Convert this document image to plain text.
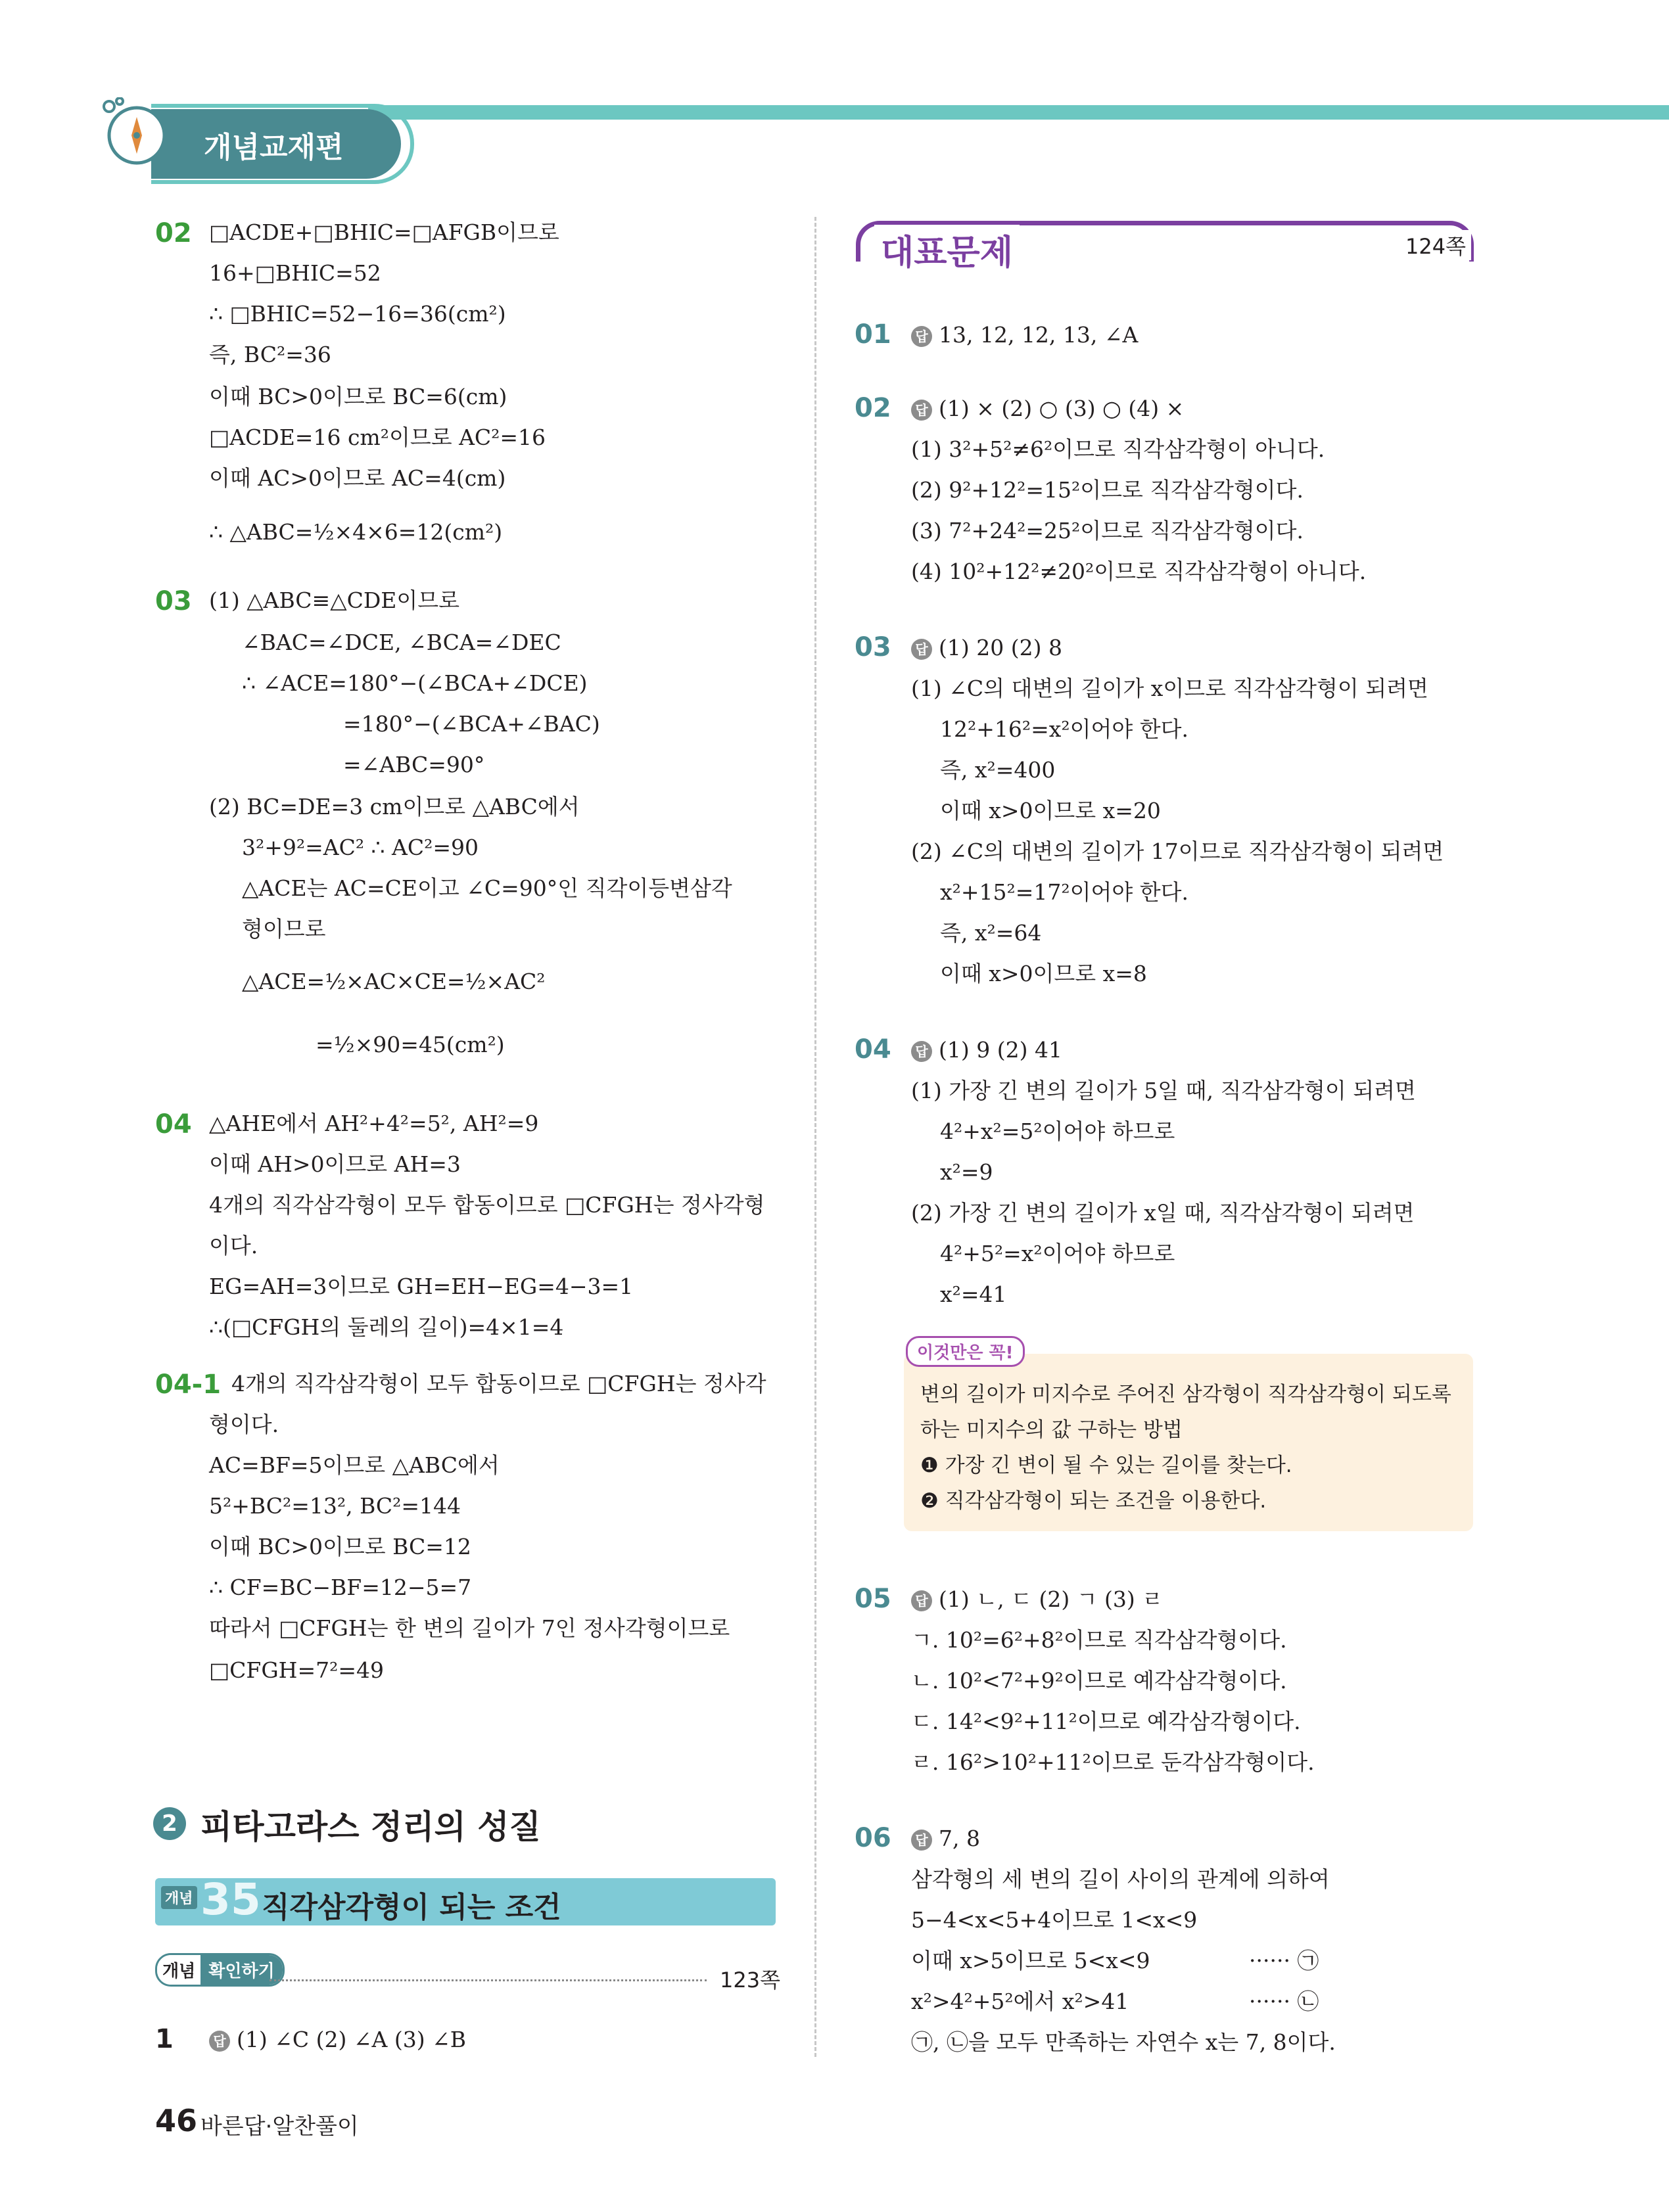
개념교재편
02 □ACDE+□BHIC=□AFGB이므로
16+□BHIC=52
∴ □BHIC=52−16=36(cm²)
즉, BC²=36
이때 BC>0이므로 BC=6(cm)
□ACDE=16 cm²이므로 AC²=16
이때 AC>0이므로 AC=4(cm)
∴ △ABC=½×4×6=12(cm²)
03 (1) △ABC≡△CDE이므로
∠BAC=∠DCE, ∠BCA=∠DEC
∴ ∠ACE=180°−(∠BCA+∠DCE)
=180°−(∠BCA+∠BAC)
=∠ABC=90°
(2) BC=DE=3 cm이므로 △ABC에서
3²+9²=AC² ∴ AC²=90
△ACE는 AC=CE이고 ∠C=90°인 직각이등변삼각
형이므로
△ACE=½×AC×CE=½×AC²
=½×90=45(cm²)
04 △AHE에서 AH²+4²=5², AH²=9
이때 AH>0이므로 AH=3
4개의 직각삼각형이 모두 합동이므로 □CFGH는 정사각형
이다.
EG=AH=3이므로 GH=EH−EG=4−3=1
∴(□CFGH의 둘레의 길이)=4×1=4
04-1 4개의 직각삼각형이 모두 합동이므로 □CFGH는 정사각
형이다.
AC=BF=5이므로 △ABC에서
5²+BC²=13², BC²=144
이때 BC>0이므로 BC=12
∴ CF=BC−BF=12−5=7
따라서 □CFGH는 한 변의 길이가 7인 정사각형이므로
□CFGH=7²=49
2 피타고라스 정리의 성질
개념 35 직각삼각형이 되는 조건
개념 확인하기	123쪽
1	답 (1) ∠C (2) ∠A (3) ∠B
46 바른답·알찬풀이
대표문제	124쪽
01	답 13, 12, 12, 13, ∠A
02	답 (1) × (2) ○ (3) ○ (4) ×
(1) 3²+5²≠6²이므로 직각삼각형이 아니다.
(2) 9²+12²=15²이므로 직각삼각형이다.
(3) 7²+24²=25²이므로 직각삼각형이다.
(4) 10²+12²≠20²이므로 직각삼각형이 아니다.
03	답 (1) 20 (2) 8
(1) ∠C의 대변의 길이가 x이므로 직각삼각형이 되려면
12²+16²=x²이어야 한다.
즉, x²=400
이때 x>0이므로 x=20
(2) ∠C의 대변의 길이가 17이므로 직각삼각형이 되려면
x²+15²=17²이어야 한다.
즉, x²=64
이때 x>0이므로 x=8
04	답 (1) 9 (2) 41
(1) 가장 긴 변의 길이가 5일 때, 직각삼각형이 되려면
4²+x²=5²이어야 하므로
x²=9
(2) 가장 긴 변의 길이가 x일 때, 직각삼각형이 되려면
4²+5²=x²이어야 하므로
x²=41
이것만은 꼭!
변의 길이가 미지수로 주어진 삼각형이 직각삼각형이 되도록
하는 미지수의 값 구하는 방법
❶ 가장 긴 변이 될 수 있는 길이를 찾는다.
❷ 직각삼각형이 되는 조건을 이용한다.
05	답 (1) ㄴ, ㄷ (2) ㄱ (3) ㄹ
ㄱ. 10²=6²+8²이므로 직각삼각형이다.
ㄴ. 10²<7²+9²이므로 예각삼각형이다.
ㄷ. 14²<9²+11²이므로 예각삼각형이다.
ㄹ. 16²>10²+11²이므로 둔각삼각형이다.
06	답 7, 8
삼각형의 세 변의 길이 사이의 관계에 의하여
5−4<x<5+4이므로 1<x<9
이때 x>5이므로 5<x<9	······ ㉠
x²>4²+5²에서 x²>41	······ ㉡
㉠, ㉡을 모두 만족하는 자연수 x는 7, 8이다.
